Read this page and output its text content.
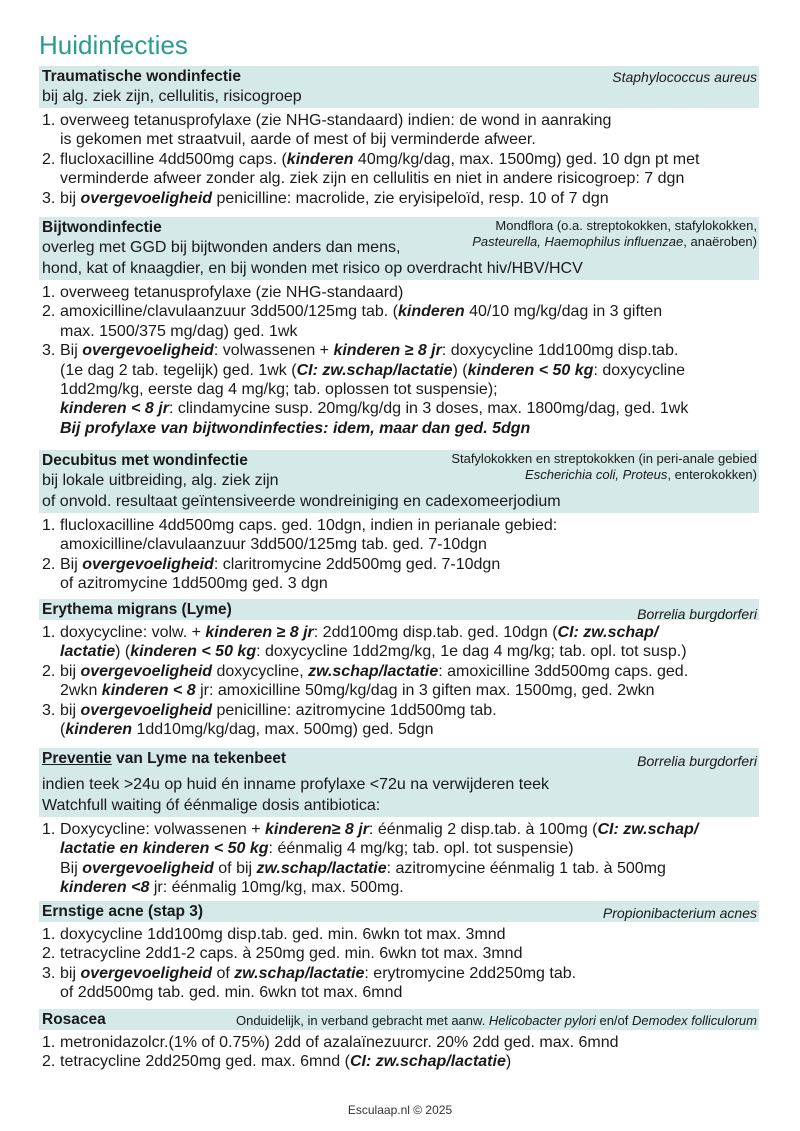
Huidinfecties
Traumatische wondinfectie	Staphylococcus aureus
bij alg. ziek zijn, cellulitis, risicogroep
1. overweeg tetanusprofylaxe (zie NHG-standaard) indien: de wond in aanraking
is gekomen met straatvuil, aarde of mest of bij verminderde afweer.
2. flucloxacilline 4dd500mg caps. (kinderen 40mg/kg/dag, max. 1500mg) ged. 10 dgn pt met
verminderde afweer zonder alg. ziek zijn en cellulitis en niet in andere risicogroep: 7 dgn
3. bij overgevoeligheid penicilline: macrolide, zie eryisipeloïd, resp. 10 of 7 dgn
Bijtwondinfectie	Mondflora (o.a. streptokokken, stafylokokken,
Pasteurella, Haemophilus influenzae, anaëroben)
overleg met GGD bij bijtwonden anders dan mens,
hond, kat of knaagdier, en bij wonden met risico op overdracht hiv/HBV/HCV
1. overweeg tetanusprofylaxe (zie NHG-standaard)
2. amoxicilline/clavulaanzuur 3dd500/125mg tab. (kinderen 40/10 mg/kg/dag in 3 giften
max. 1500/375 mg/dag) ged. 1wk
3. Bij overgevoeligheid: volwassenen + kinderen ≥ 8 jr: doxycycline 1dd100mg disp.tab.
(1e dag 2 tab. tegelijk) ged. 1wk (CI: zw.schap/lactatie) (kinderen < 50 kg: doxycycline
1dd2mg/kg, eerste dag 4 mg/kg; tab. oplossen tot suspensie);
kinderen < 8 jr: clindamycine susp. 20mg/kg/dg in 3 doses, max. 1800mg/dag, ged. 1wk
Bij profylaxe van bijtwondinfecties: idem, maar dan ged. 5dgn
Decubitus met wondinfectie	Stafylokokken en streptokokken (in peri-anale gebied
Escherichia coli, Proteus, enterokokken)
bij lokale uitbreiding, alg. ziek zijn
of onvold. resultaat geïntensiveerde wondreiniging en cadexomeerjodium
1. flucloxacilline 4dd500mg caps. ged. 10dgn, indien in perianale gebied:
amoxicilline/clavulaanzuur 3dd500/125mg tab. ged. 7-10dgn
2. Bij overgevoeligheid: claritromycine 2dd500mg ged. 7-10dgn
of azitromycine 1dd500mg ged. 3 dgn
Erythema migrans (Lyme)	Borrelia burgdorferi
1. doxycycline: volw. + kinderen ≥ 8 jr: 2dd100mg disp.tab. ged. 10dgn (CI: zw.schap/
lactatie) (kinderen < 50 kg: doxycycline 1dd2mg/kg, 1e dag 4 mg/kg; tab. opl. tot susp.)
2. bij overgevoeligheid doxycycline, zw.schap/lactatie: amoxicilline 3dd500mg caps. ged.
2wkn kinderen < 8 jr: amoxicilline 50mg/kg/dag in 3 giften max. 1500mg, ged. 2wkn
3. bij overgevoeligheid penicilline: azitromycine 1dd500mg tab.
(kinderen 1dd10mg/kg/dag, max. 500mg) ged. 5dgn
Preventie van Lyme na tekenbeet	Borrelia burgdorferi
indien teek >24u op huid én inname profylaxe <72u na verwijderen teek
Watchfull waiting óf éénmalige dosis antibiotica:
1. Doxycycline: volwassenen + kinderen≥ 8 jr: éénmalig 2 disp.tab. à 100mg (CI: zw.schap/
lactatie en kinderen < 50 kg: éénmalig 4 mg/kg; tab. opl. tot suspensie)
Bij overgevoeligheid of bij zw.schap/lactatie: azitromycine éénmalig 1 tab. à 500mg
kinderen <8 jr: éénmalig 10mg/kg, max. 500mg.
Ernstige acne (stap 3)	Propionibacterium acnes
1. doxycycline 1dd100mg disp.tab. ged. min. 6wkn tot max. 3mnd
2. tetracycline 2dd1-2 caps. à 250mg ged. min. 6wkn tot max. 3mnd
3. bij overgevoeligheid of zw.schap/lactatie: erytromycine 2dd250mg tab.
of 2dd500mg tab. ged. min. 6wkn tot max. 6mnd
Rosacea	Onduidelijk, in verband gebracht met aanw. Helicobacter pylori en/of Demodex folliculorum
1. metronidazolcr.(1% of 0.75%) 2dd of azalaïnezuurcr. 20% 2dd ged. max. 6mnd
2. tetracycline 2dd250mg ged. max. 6mnd (CI: zw.schap/lactatie)
Esculaap.nl © 2025
